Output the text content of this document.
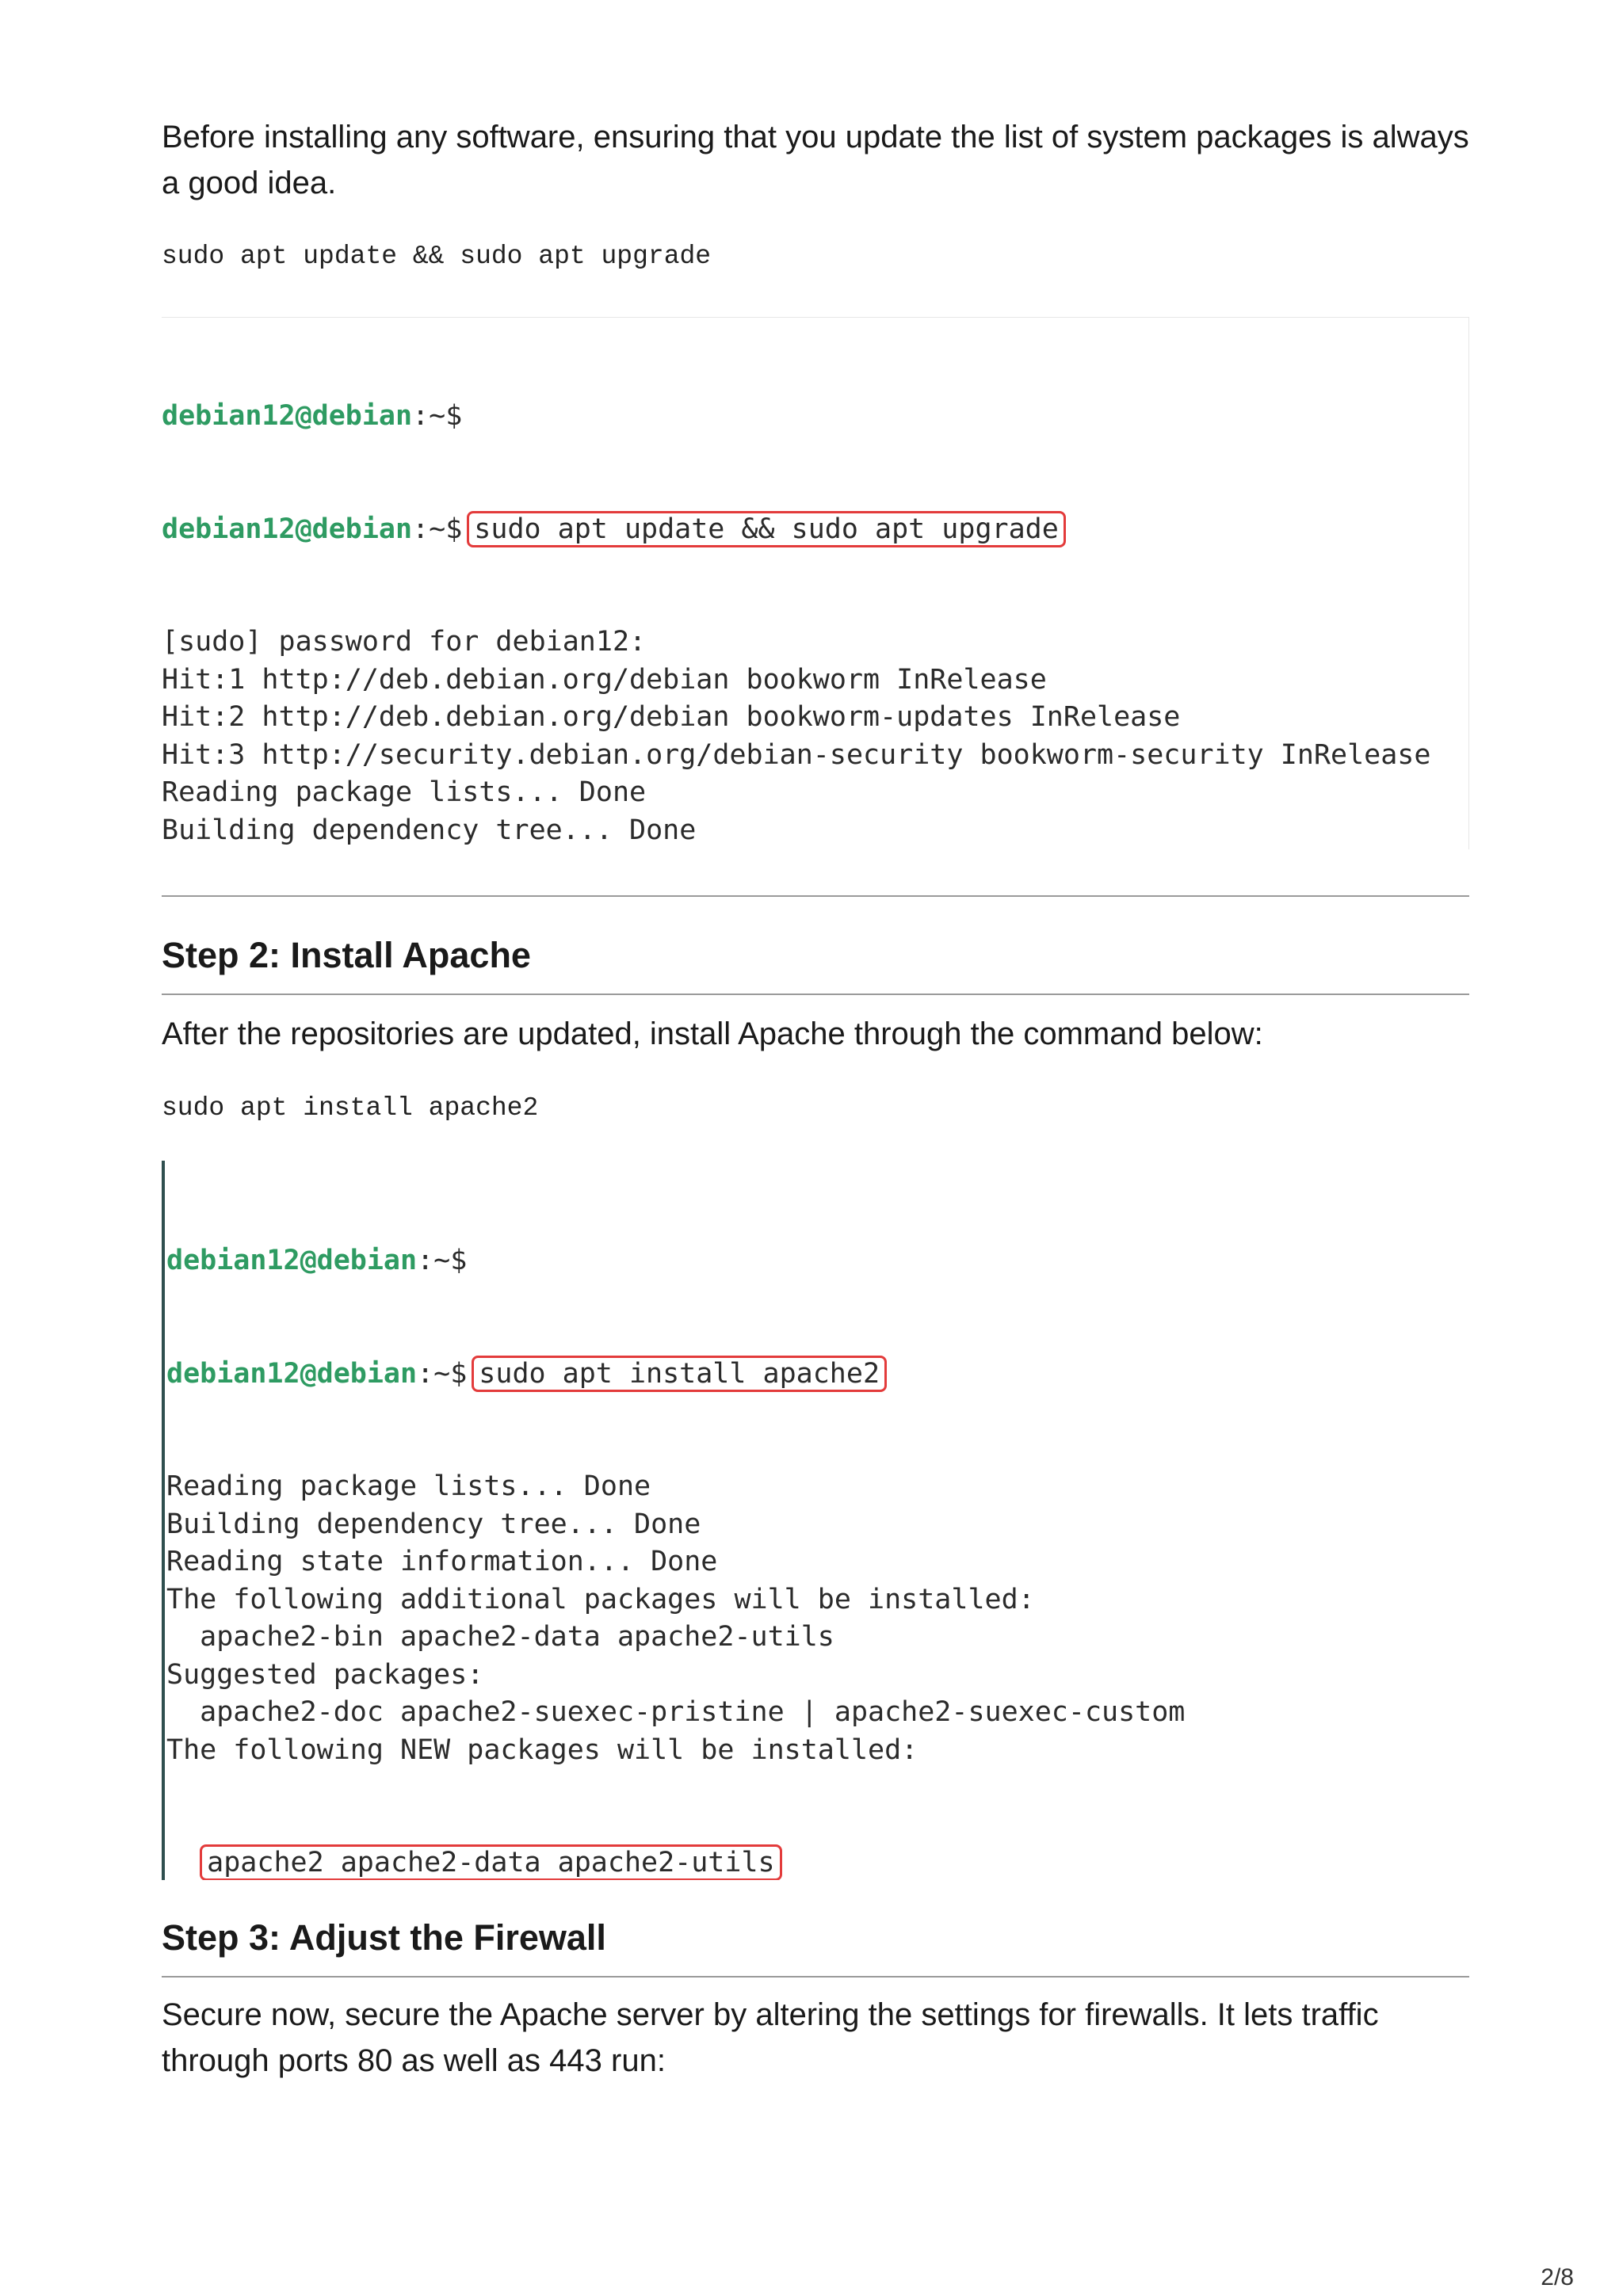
Before installing any software, ensuring that you update the list of system packages is always a good idea.

sudo apt update && sudo apt upgrade

debian12@debian:~$

debian12@debian:~$ sudo apt update && sudo apt upgrade

[sudo] password for debian12:
Hit:1 http://deb.debian.org/debian bookworm InRelease
Hit:2 http://deb.debian.org/debian bookworm-updates InRelease
Hit:3 http://security.debian.org/debian-security bookworm-security InRelease
Reading package lists... Done
Building dependency tree... Done

Step 2: Install Apache

After the repositories are updated, install Apache through the command below:

sudo apt install apache2

debian12@debian:~$

debian12@debian:~$ sudo apt install apache2

Reading package lists... Done
Building dependency tree... Done
Reading state information... Done
The following additional packages will be installed:
apache2-bin apache2-data apache2-utils
Suggested packages:
apache2-doc apache2-suexec-pristine | apache2-suexec-custom
The following NEW packages will be installed:

apache2 apache2-data apache2-utils

Step 3: Adjust the Firewall

Secure now, secure the Apache server by altering the settings for firewalls. It lets traffic through ports 80 as well as 443 run:

2/8
